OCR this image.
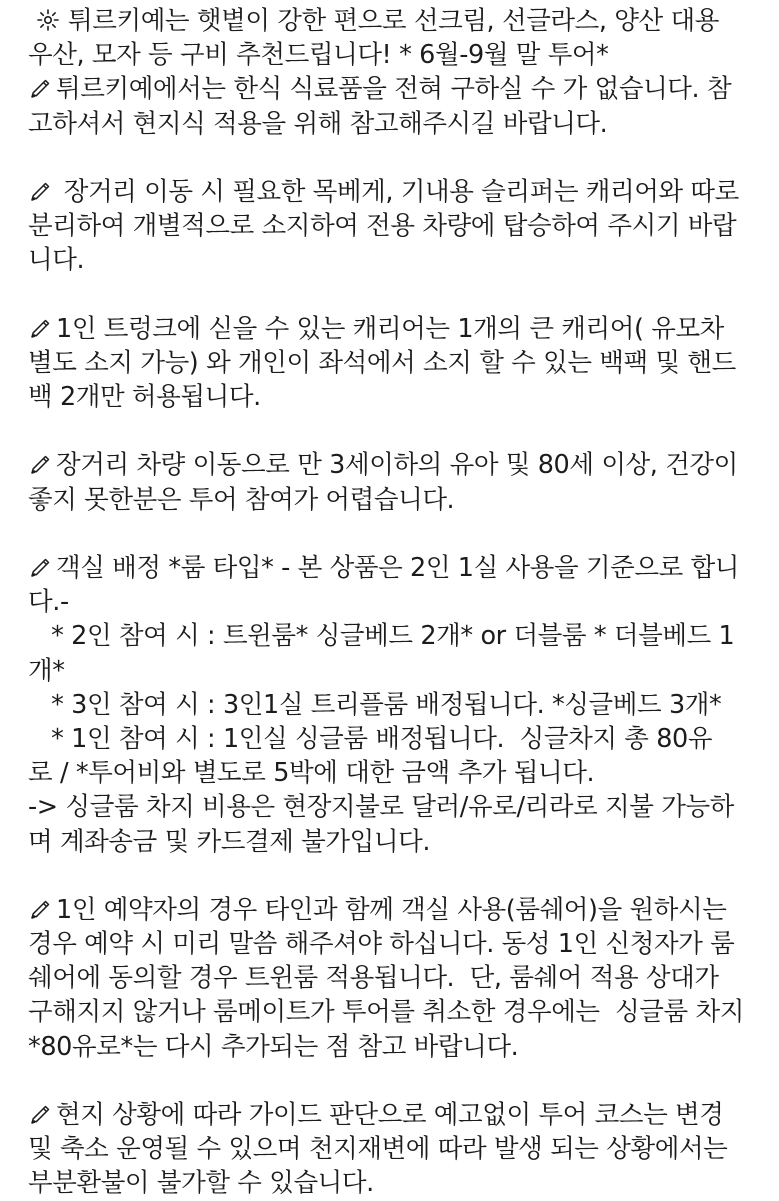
튀르키예는 햇볕이 강한 편으로 선크림, 선글라스, 양산 대용
우산, 모자 등 구비 추천드립니다! * 6월-9월 말 투어*
튀르키예에서는 한식 식료품을 전혀 구하실 수 가 없습니다. 참
고하셔서 현지식 적용을 위해 참고해주시길 바랍니다.
장거리 이동 시 필요한 목베게, 기내용 슬리퍼는 캐리어와 따로
분리하여 개별적으로 소지하여 전용 차량에 탑승하여 주시기 바랍
니다.
1인 트렁크에 싣을 수 있는 캐리어는 1개의 큰 캐리어( 유모차
별도 소지 가능) 와 개인이 좌석에서 소지 할 수 있는 백팩 및 핸드
백 2개만 허용됩니다.
장거리 차량 이동으로 만 3세이하의 유아 및 80세 이상, 건강이
좋지 못한분은 투어 참여가 어렵습니다.
객실 배정 *룸 타입* - 본 상품은 2인 1실 사용을 기준으로 합니
다.-
* 2인 참여 시 : 트윈룸* 싱글베드 2개* or 더블룸 * 더블베드 1
개*
* 3인 참여 시 : 3인1실 트리플룸 배정됩니다. *싱글베드 3개*
* 1인 참여 시 : 1인실 싱글룸 배정됩니다.  싱글차지 총 80유
로 / *투어비와 별도로 5박에 대한 금액 추가 됩니다.
-> 싱글룸 차지 비용은 현장지불로 달러/유로/리라로 지불 가능하
며 계좌송금 및 카드결제 불가입니다.
1인 예약자의 경우 타인과 함께 객실 사용(룸쉐어)을 원하시는
경우 예약 시 미리 말씀 해주셔야 하십니다. 동성 1인 신청자가 룸
쉐어에 동의할 경우 트윈룸 적용됩니다.  단, 룸쉐어 적용 상대가
구해지지 않거나 룸메이트가 투어를 취소한 경우에는  싱글룸 차지
*80유로*는 다시 추가되는 점 참고 바랍니다.
현지 상황에 따라 가이드 판단으로 예고없이 투어 코스는 변경
및 축소 운영될 수 있으며 천지재변에 따라 발생 되는 상황에서는
부분환불이 불가할 수 있습니다.
